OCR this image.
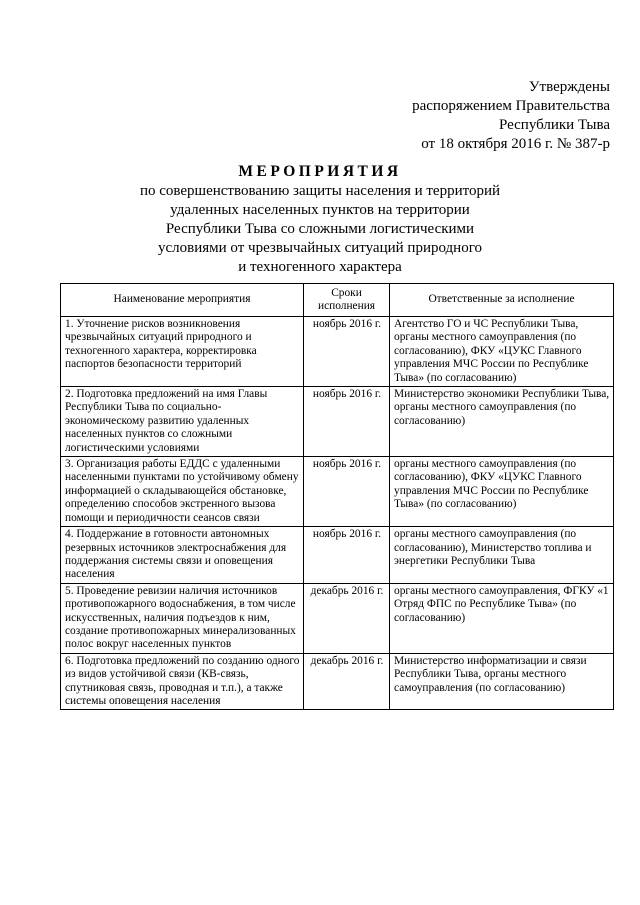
Утверждены
распоряжением Правительства
Республики Тыва
от 18 октября 2016 г. № 387-р
МЕРОПРИЯТИЯ
по совершенствованию защиты населения и территорий
удаленных населенных пунктов на территории
Республики Тыва со сложными логистическими
условиями от чрезвычайных ситуаций природного
и техногенного характера
Наименование мероприятия	Сроки исполнения	Ответственные за исполнение
1. Уточнение рисков возникновения чрезвычайных ситуаций природного и техногенного характера, корректировка паспортов безопасности территорий	ноябрь 2016 г.	Агентство ГО и ЧС Республики Тыва, органы местного самоуправления (по согласованию), ФКУ «ЦУКС Главного управления МЧС России по Республике Тыва» (по согласованию)
2. Подготовка предложений на имя Главы Республики Тыва по социально-экономическому развитию удаленных населенных пунктов со сложными логистическими условиями	ноябрь 2016 г.	Министерство экономики Республики Тыва, органы местного самоуправления (по согласованию)
3. Организация работы ЕДДС с удаленными населенными пунктами по устойчивому обмену информацией о складывающейся обстановке, определению способов экстренного вызова помощи и периодичности сеансов связи	ноябрь 2016 г.	органы местного самоуправления (по согласованию), ФКУ «ЦУКС Главного управления МЧС России по Республике Тыва» (по согласованию)
4. Поддержание в готовности автономных резервных источников электроснабжения для поддержания системы связи и оповещения населения	ноябрь 2016 г.	органы местного самоуправления (по согласованию), Министерство топлива и энергетики Республики Тыва
5. Проведение ревизии наличия источников противопожарного водоснабжения, в том числе искусственных, наличия подъездов к ним, создание противопожарных минерализованных полос вокруг населенных пунктов	декабрь 2016 г.	органы местного самоуправления, ФГКУ «1 Отряд ФПС по Республике Тыва» (по согласованию)
6. Подготовка предложений по созданию одного из видов устойчивой связи (КВ-связь, спутниковая связь, проводная и т.п.), а также системы оповещения населения	декабрь 2016 г.	Министерство информатизации и связи Республики Тыва, органы местного самоуправления (по согласованию)
